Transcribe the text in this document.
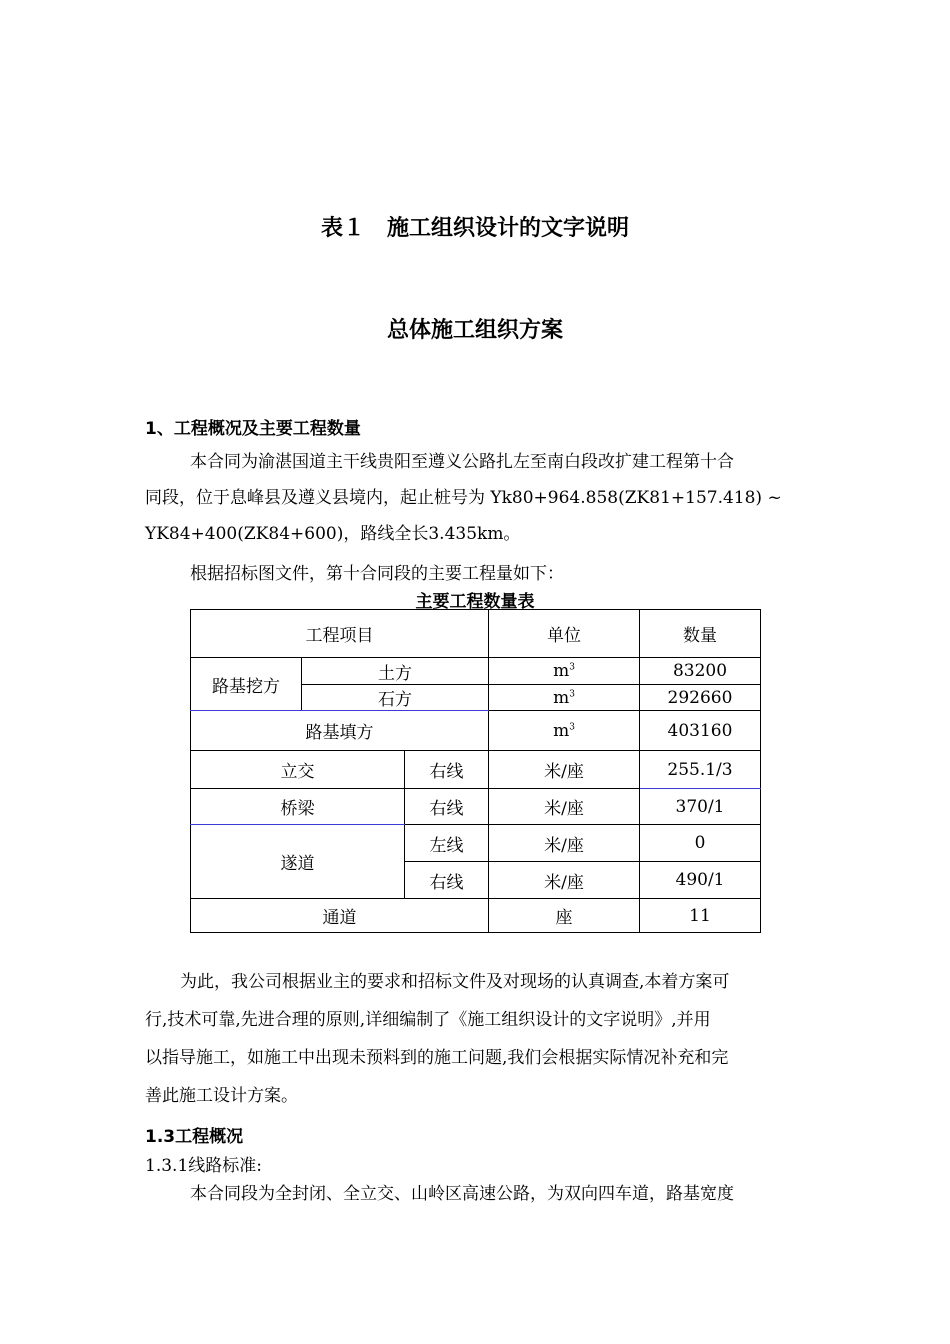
表１　施工组织设计的文字说明
总体施工组织方案
1、工程概况及主要工程数量
本合同为渝湛国道主干线贵阳至遵义公路扎左至南白段改扩建工程第十合
同段，位于息峰县及遵义县境内，起止桩号为 Yk80+964.858(ZK81+157.418) ~
YK84+400(ZK84+600)，路线全长3.435km。
根据招标图文件，第十合同段的主要工程量如下：
主要工程数量表
工程项目			单位	数量
路基挖方	土方		$m^3$	83200
	石方		$m^3$	292660
路基填方			$m^3$	403160
立交		右线	米/座	255.1/3
桥梁		右线	米/座	370/1
遂道		左线	米/座	0
		右线	米/座	490/1
通道			座	11
为此，我公司根据业主的要求和招标文件及对现场的认真调查,本着方案可
行,技术可靠,先进合理的原则,详细编制了《施工组织设计的文字说明》,并用
以指导施工，如施工中出现未预料到的施工问题,我们会根据实际情况补充和完
善此施工设计方案。
1.3工程概况
1.3.1线路标准:
本合同段为全封闭、全立交、山岭区高速公路，为双向四车道，路基宽度
